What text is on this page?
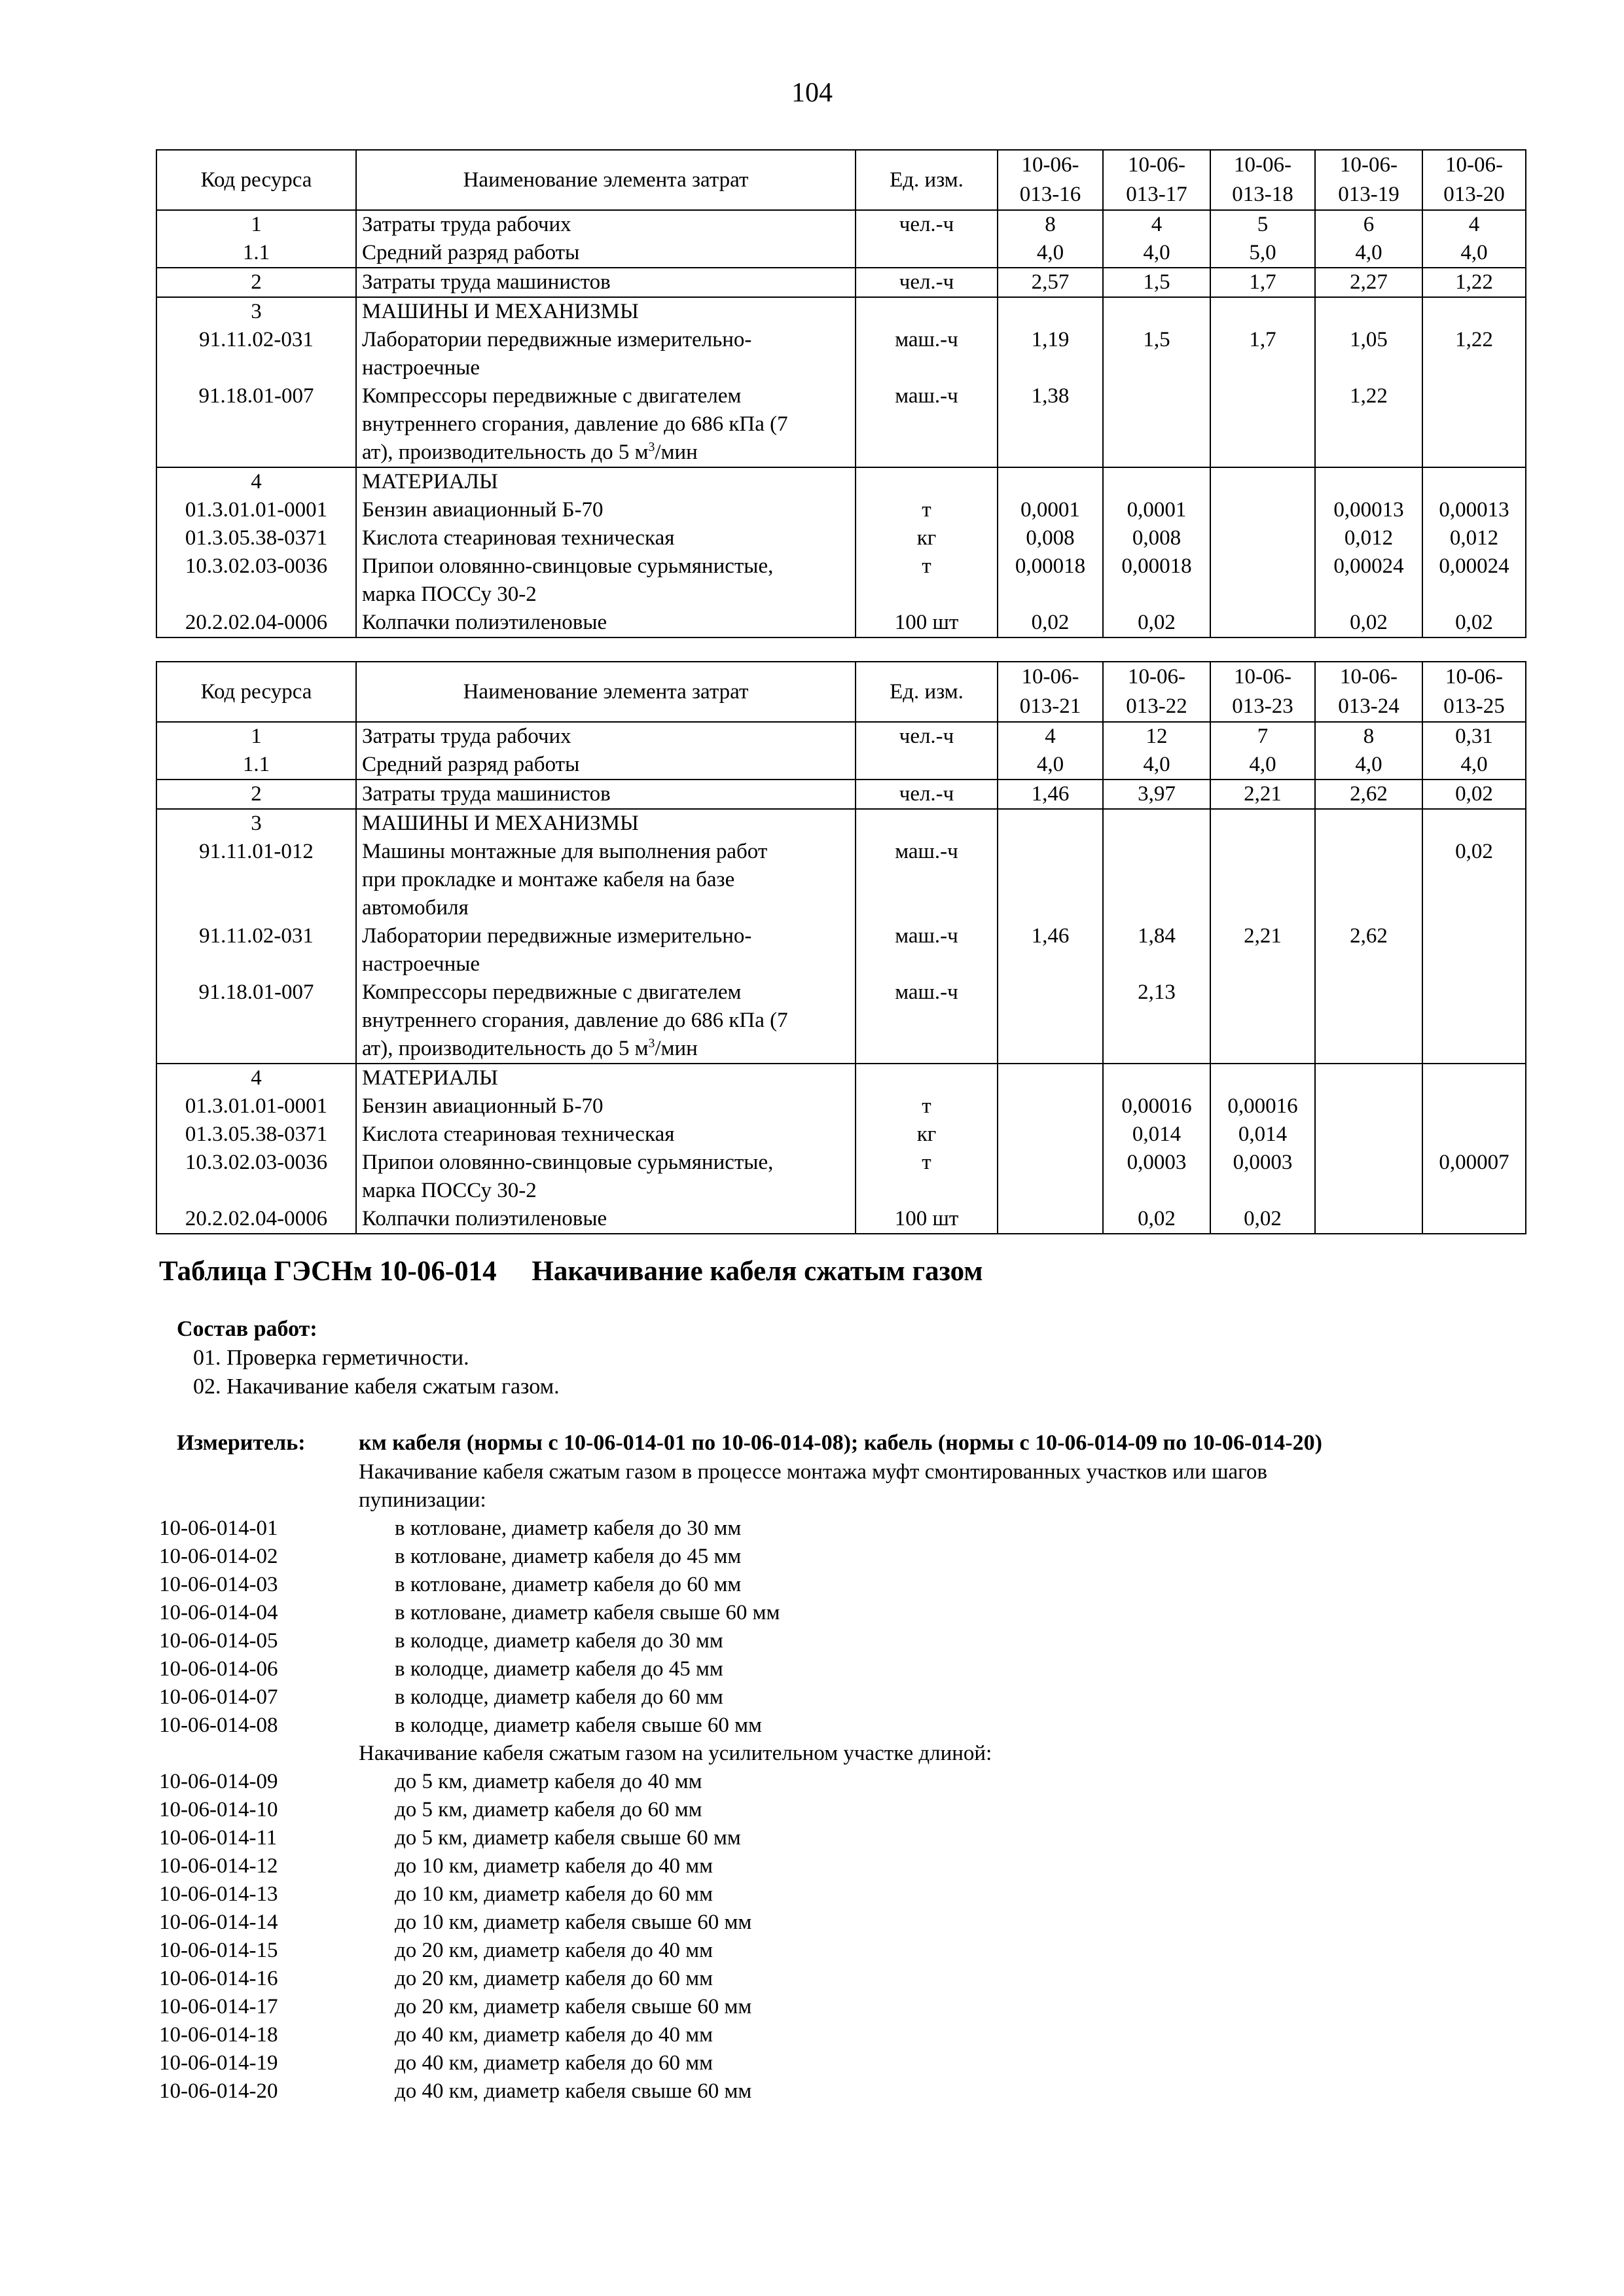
104
Код ресурса	Наименование элемента затрат	Ед. изм.	10-06-
013-16	10-06-
013-17	10-06-
013-18	10-06-
013-19	10-06-
013-20
1	Затраты труда рабочих	чел.-ч	8	4	5	6	4
1.1	Средний разряд работы		4,0	4,0	5,0	4,0	4,0
2	Затраты труда машинистов	чел.-ч	2,57	1,5	1,7	2,27	1,22
3	МАШИНЫ И МЕХАНИЗМЫ						
91.11.02-031	Лаборатории передвижные измерительно-
настроечные	маш.-ч	1,19	1,5	1,7	1,05	1,22
91.18.01-007	Компрессоры передвижные с двигателем
внутреннего сгорания, давление до 686 кПа (7
ат), производительность до 5 $м^3$/мин	маш.-ч	1,38			1,22	
4	МАТЕРИАЛЫ						
01.3.01.01-0001	Бензин авиационный Б-70	т	0,0001	0,0001		0,00013	0,00013
01.3.05.38-0371	Кислота стеариновая техническая	кг	0,008	0,008		0,012	0,012
10.3.02.03-0036	Припои оловянно-свинцовые сурьмянистые,
марка ПОССу 30-2	т	0,00018	0,00018		0,00024	0,00024
20.2.02.04-0006	Колпачки полиэтиленовые	100 шт	0,02	0,02		0,02	0,02
Код ресурса	Наименование элемента затрат	Ед. изм.	10-06-
013-21	10-06-
013-22	10-06-
013-23	10-06-
013-24	10-06-
013-25
1	Затраты труда рабочих	чел.-ч	4	12	7	8	0,31
1.1	Средний разряд работы		4,0	4,0	4,0	4,0	4,0
2	Затраты труда машинистов	чел.-ч	1,46	3,97	2,21	2,62	0,02
3	МАШИНЫ И МЕХАНИЗМЫ						
91.11.01-012	Машины монтажные для выполнения работ
при прокладке и монтаже кабеля на базе
автомобиля	маш.-ч					0,02
91.11.02-031	Лаборатории передвижные измерительно-
настроечные	маш.-ч	1,46	1,84	2,21	2,62	
91.18.01-007	Компрессоры передвижные с двигателем
внутреннего сгорания, давление до 686 кПа (7
ат), производительность до 5 $м^3$/мин	маш.-ч		2,13			
4	МАТЕРИАЛЫ						
01.3.01.01-0001	Бензин авиационный Б-70	т		0,00016	0,00016		
01.3.05.38-0371	Кислота стеариновая техническая	кг		0,014	0,014		
10.3.02.03-0036	Припои оловянно-свинцовые сурьмянистые,
марка ПОССу 30-2	т		0,0003	0,0003		0,00007
20.2.02.04-0006	Колпачки полиэтиленовые	100 шт		0,02	0,02		
Таблица ГЭСНм 10-06-014 Накачивание кабеля сжатым газом
Состав работ:
01. Проверка герметичности.
02. Накачивание кабеля сжатым газом.
Измеритель: км кабеля (нормы с 10-06-014-01 по 10-06-014-08); кабель (нормы с 10-06-014-09 по 10-06-014-20)
Накачивание кабеля сжатым газом в процессе монтажа муфт смонтированных участков или шагов
пупинизации:
10-06-014-01	в котловане, диаметр кабеля до 30 мм
10-06-014-02	в котловане, диаметр кабеля до 45 мм
10-06-014-03	в котловане, диаметр кабеля до 60 мм
10-06-014-04	в котловане, диаметр кабеля свыше 60 мм
10-06-014-05	в колодце, диаметр кабеля до 30 мм
10-06-014-06	в колодце, диаметр кабеля до 45 мм
10-06-014-07	в колодце, диаметр кабеля до 60 мм
10-06-014-08	в колодце, диаметр кабеля свыше 60 мм
Накачивание кабеля сжатым газом на усилительном участке длиной:
10-06-014-09	до 5 км, диаметр кабеля до 40 мм
10-06-014-10	до 5 км, диаметр кабеля до 60 мм
10-06-014-11	до 5 км, диаметр кабеля свыше 60 мм
10-06-014-12	до 10 км, диаметр кабеля до 40 мм
10-06-014-13	до 10 км, диаметр кабеля до 60 мм
10-06-014-14	до 10 км, диаметр кабеля свыше 60 мм
10-06-014-15	до 20 км, диаметр кабеля до 40 мм
10-06-014-16	до 20 км, диаметр кабеля до 60 мм
10-06-014-17	до 20 км, диаметр кабеля свыше 60 мм
10-06-014-18	до 40 км, диаметр кабеля до 40 мм
10-06-014-19	до 40 км, диаметр кабеля до 60 мм
10-06-014-20	до 40 км, диаметр кабеля свыше 60 мм
